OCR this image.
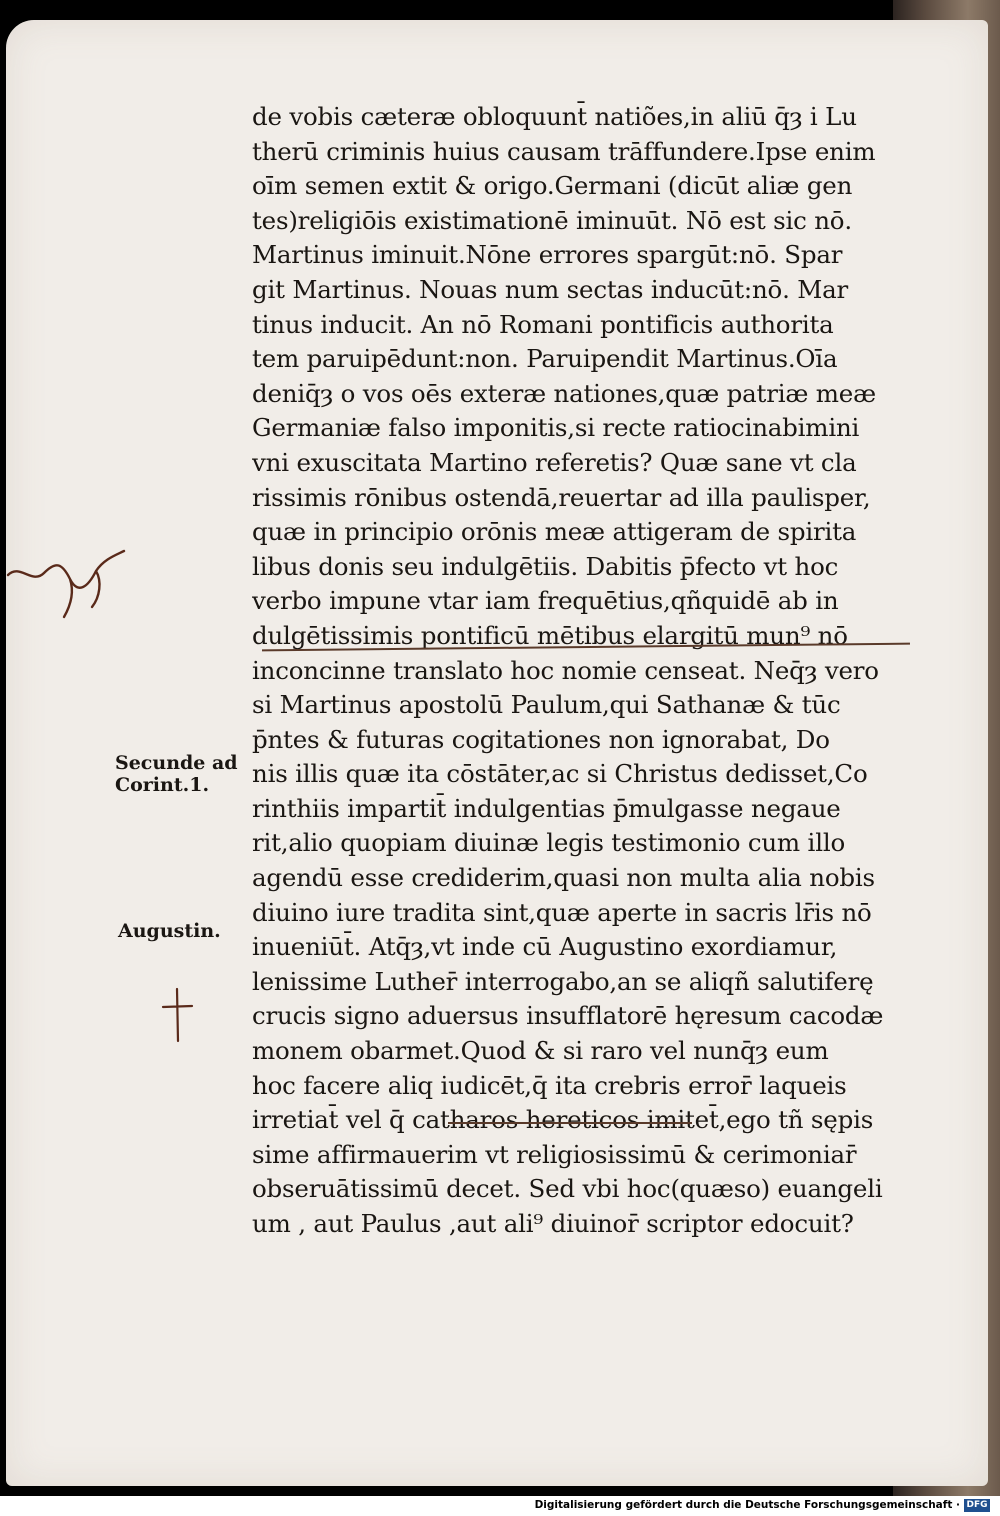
de vobis cæteræ obloquunt̄ natiões,in aliū q̄ȝ i Lu
therū criminis huius causam trāffundere.Ipse enim
oīm semen extit & origo.Germani (dicūt aliæ gen
tes)religiōis existimationē iminuūt. Nō est sic nō.
Martinus iminuit.Nōne errores spargūt:nō. Spar
git Martinus. Nouas num sectas inducūt:nō. Mar
tinus inducit. An nō Romani pontificis authorita
tem paruipēdunt:non. Paruipendit Martinus.Oīa
deniq̄ȝ o vos oēs exteræ nationes,quæ patriæ meæ
Germaniæ falso imponitis,si recte ratiocinabimini
vni exuscitata Martino referetis? Quæ sane vt cla
rissimis rōnibus ostendā,reuertar ad illa paulisper,
quæ in principio orōnis meæ attigeram de spirita
libus donis seu indulgētiis. Dabitis p̄fecto vt hoc
verbo impune vtar iam frequētius,qñquidē ab in
dulgētissimis pontificū mētibus elargitū mun⁹ nō
inconcinne translato hoc nomie censeat. Neq̄ȝ vero
si Martinus apostolū Paulum,qui Sathanæ & tūc
p̄ntes & futuras cogitationes non ignorabat, Do
nis illis quæ ita cōstāter,ac si Christus dedisset,Co
rinthiis impartit̄ indulgentias p̄mulgasse negaue
rit,alio quopiam diuinæ legis testimonio cum illo
agendū esse crediderim,quasi non multa alia nobis
diuino iure tradita sint,quæ aperte in sacris lr̄is nō
inueniūt̄. Atq̄ȝ,vt inde cū Augustino exordiamur,
lenissime Luther̄ interrogabo,an se aliqñ salutiferę
crucis signo aduersus insufflatorē hęresum cacodæ
monem obarmet.Quod & si raro vel nunq̄ȝ eum
hoc facere aliq iudicēt,q̄ ita crebris error̄ laqueis
irretiat̄ vel q̄ catharos hereticos imitet̄,ego tñ sępis
sime affirmauerim vt religiosissimū & cerimoniar̄
obseruātissimū decet. Sed vbi hoc(quæso) euangeli
um , aut Paulus ,aut ali⁹ diuinor̄ scriptor edocuit?
Secunde ad
Corint.1.
Augustin.
Digitalisierung gefördert durch die Deutsche Forschungsgemeinschaft · DFG
